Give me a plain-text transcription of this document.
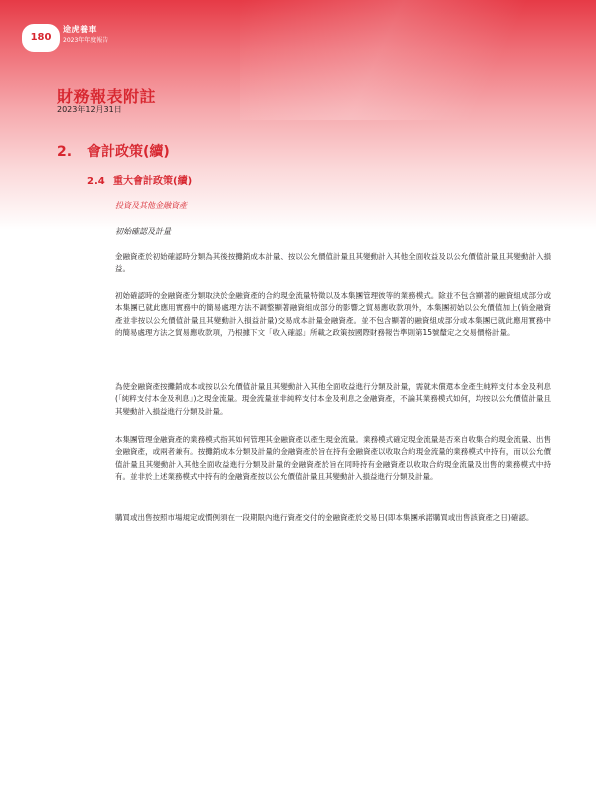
180
途虎養車
2023年年度報告
財務報表附註
2023年12月31日
2. 會計政策(續)
2.4 重大會計政策(續)
投資及其他金融資產
初始確認及計量
金融資產於初始確認時分類為其後按攤銷成本計量、按以公允價值計量且其變動計入其他全面收益及以公允價值計量且其變動計入損益。
初始確認時的金融資產分類取決於金融資產的合約現金流量特徵以及本集團管理彼等的業務模式。除並不包含顯著的融資組成部分或本集團已就此應用實務中的簡易處理方法不調整顯著融資組成部分的影響之貿易應收款項外，本集團初始以公允價值加上(倘金融資產並非按以公允價值計量且其變動計入損益計量)交易成本計量金融資產。並不包含顯著的融資組成部分或本集團已就此應用實務中的簡易處理方法之貿易應收款項，乃根據下文「收入確認」所載之政策按國際財務報告準則第15號釐定之交易價格計量。
為使金融資產按攤銷成本或按以公允價值計量且其變動計入其他全面收益進行分類及計量，需就未償還本金產生純粹支付本金及利息(「純粹支付本金及利息」)之現金流量。現金流量並非純粹支付本金及利息之金融資產，不論其業務模式如何，均按以公允價值計量且其變動計入損益進行分類及計量。
本集團管理金融資產的業務模式指其如何管理其金融資產以產生現金流量。業務模式確定現金流量是否來自收集合約現金流量、出售金融資產，或兩者兼有。按攤銷成本分類及計量的金融資產於旨在持有金融資產以收取合約現金流量的業務模式中持有，而以公允價值計量且其變動計入其他全面收益進行分類及計量的金融資產於旨在同時持有金融資產以收取合約現金流量及出售的業務模式中持有。並非於上述業務模式中持有的金融資產按以公允價值計量且其變動計入損益進行分類及計量。
購買或出售按照市場規定或慣例須在一段期限內進行資產交付的金融資產於交易日(即本集團承諾購買或出售該資產之日)確認。
